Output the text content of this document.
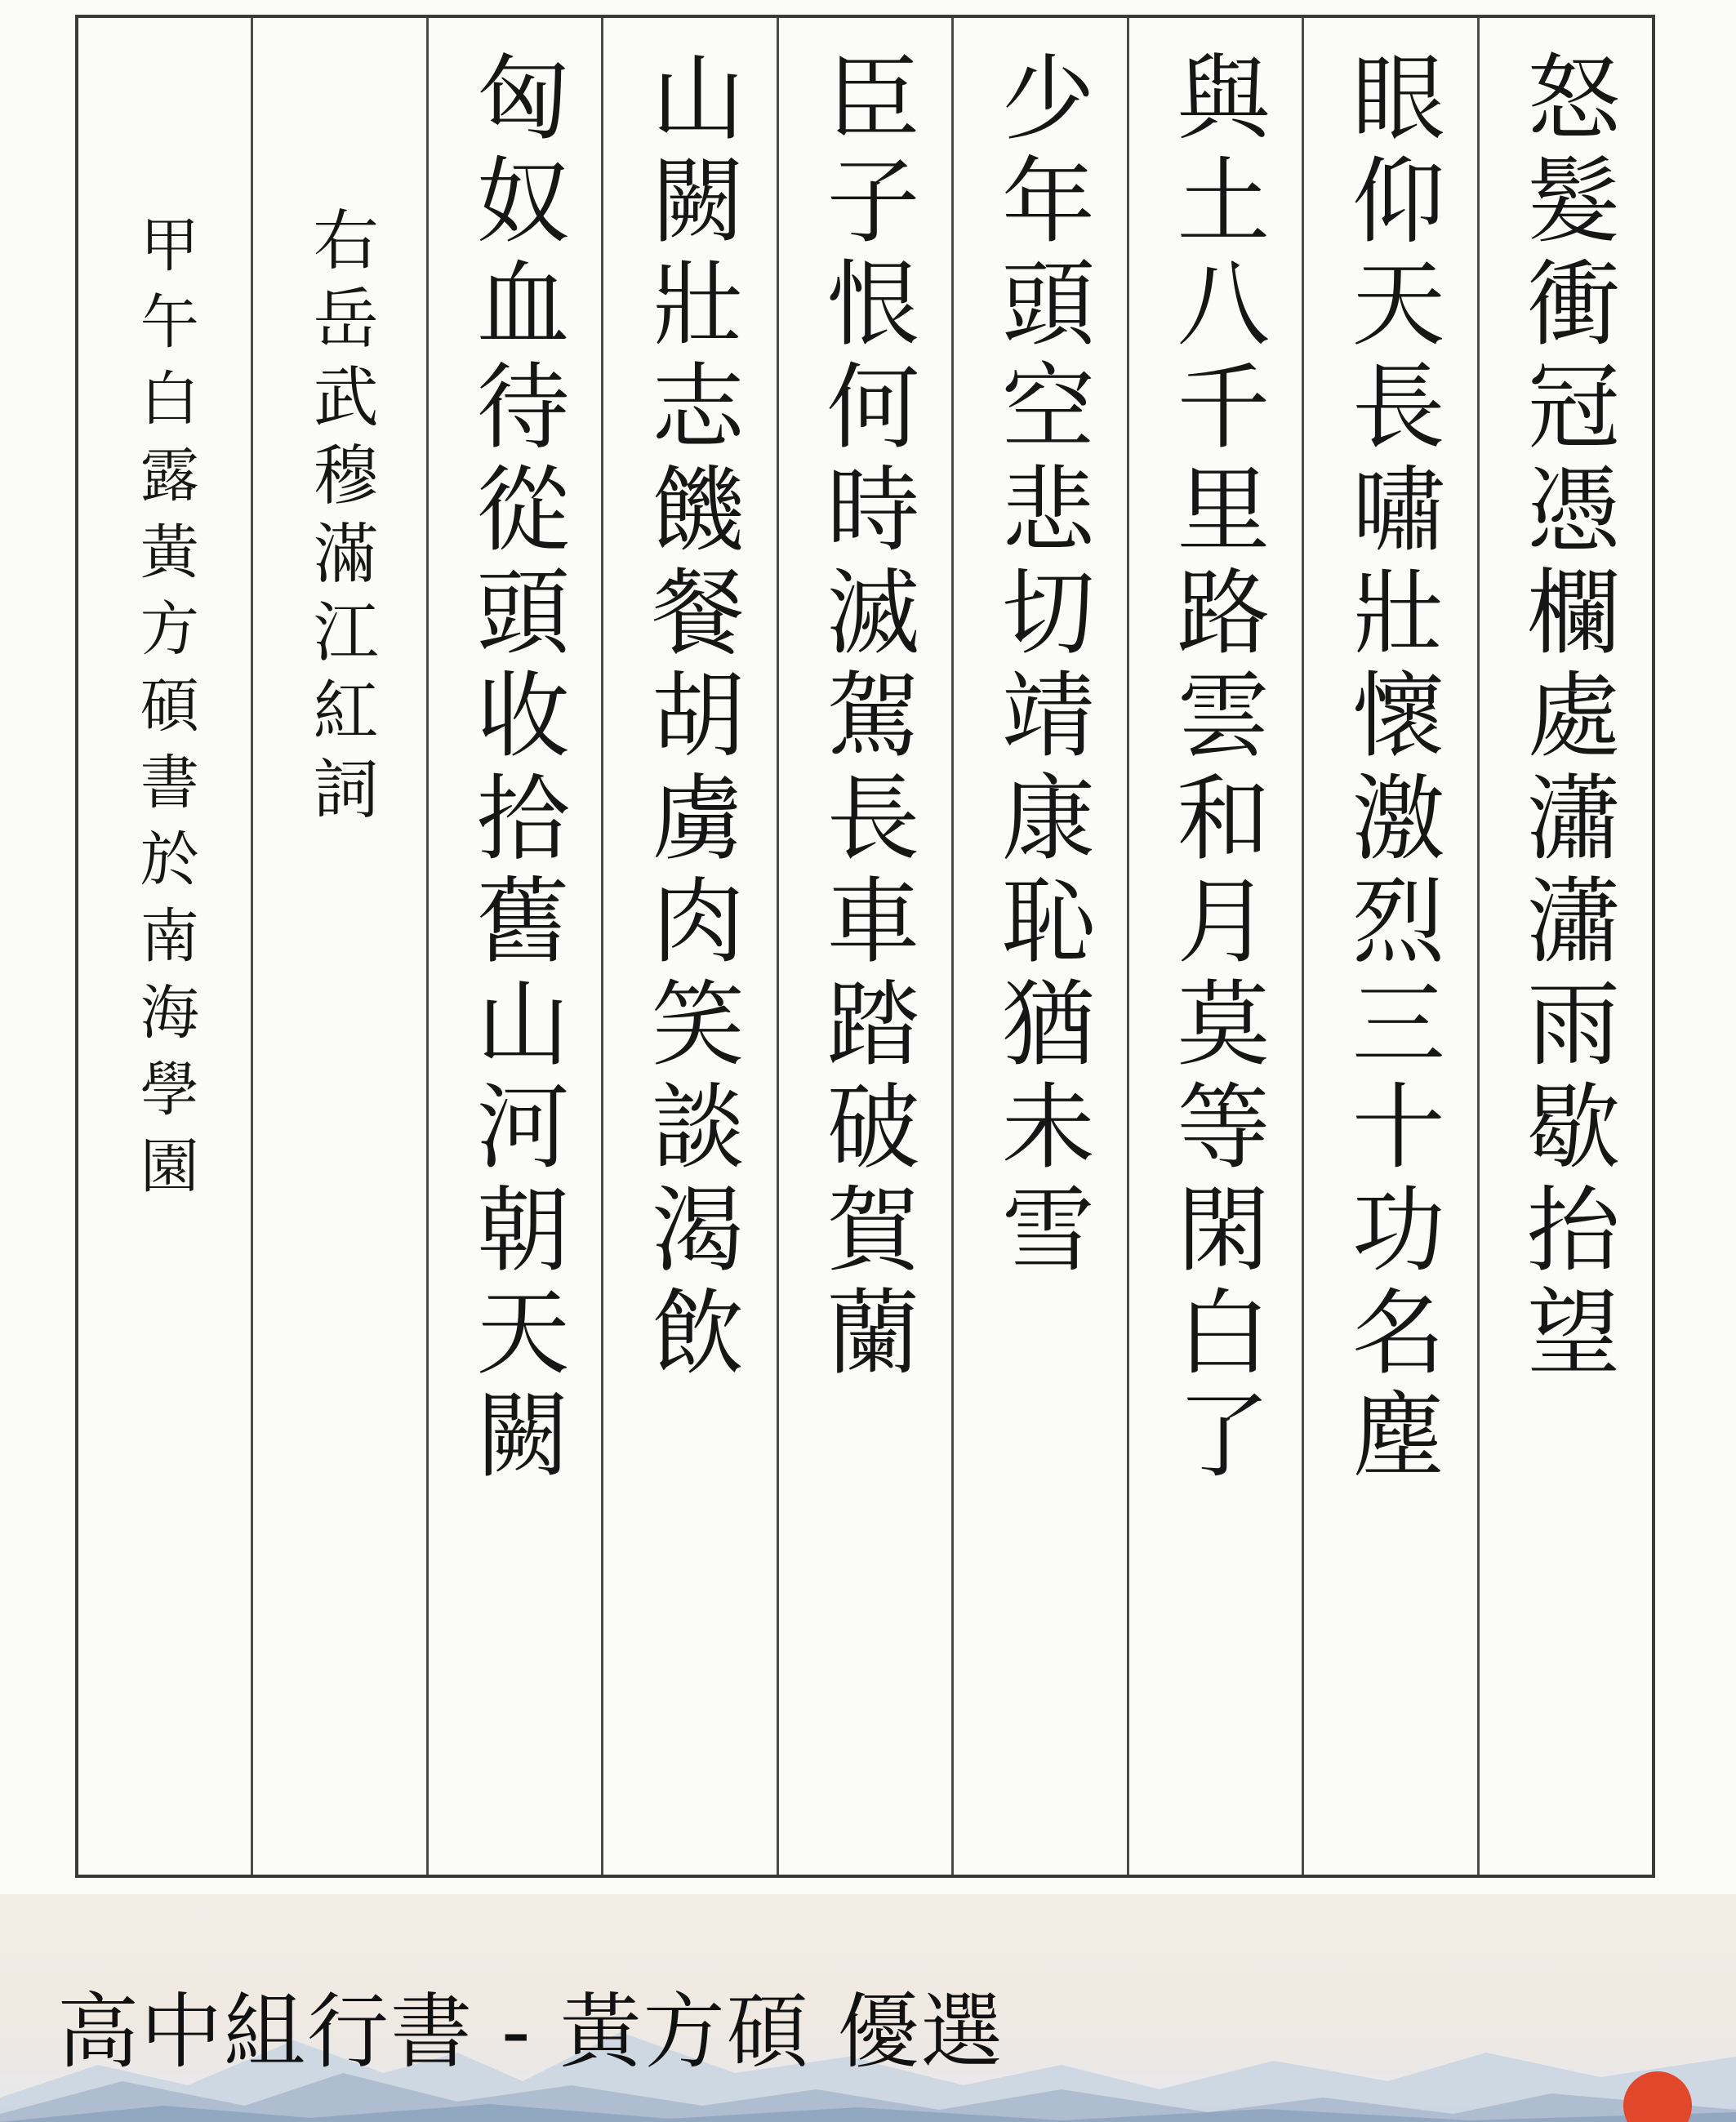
甲午白露黃方碩書於南海學園 右岳武穆滿江紅詞 匈奴血待從頭收拾舊山河朝天闕 山闕壯志饑餐胡虜肉笑談渴飲 臣子恨何時滅駕長車踏破賀蘭 少年頭空悲切靖康恥猶未雪 與土八千里路雲和月莫等閑白了 眼仰天長嘯壯懷激烈三十功名塵 怒髮衝冠憑欄處瀟瀟雨歇抬望
高中組行書 - 黃方碩 優選
